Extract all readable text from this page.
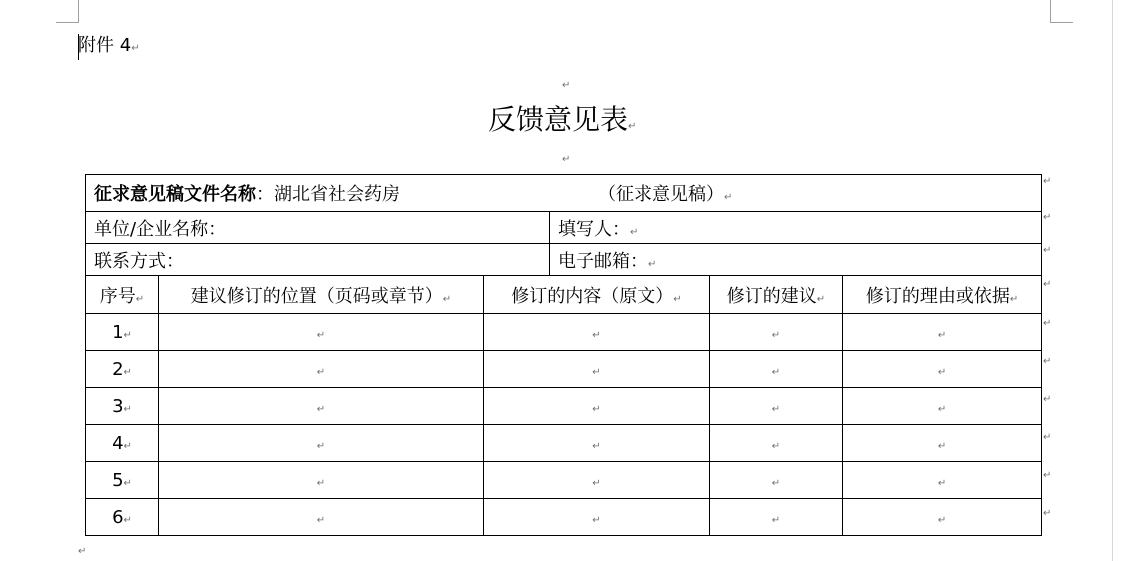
附件 4↵
↵
反馈意见表↵
↵
征求意见稿文件名称：湖北省社会药房 （征求意见稿）↵					
单位/企业名称：			填写人：↵		
联系方式：			电子邮箱：↵		
序号↵	建议修订的位置（页码或章节）↵	修订的内容（原文）↵		修订的建议↵	修订的理由或依据↵
1↵	↵	↵		↵	↵
2↵	↵	↵		↵	↵
3↵	↵	↵		↵	↵
4↵	↵	↵		↵	↵
5↵	↵	↵		↵	↵
6↵	↵	↵		↵	↵
↵
↵
↵
↵
↵
↵
↵
↵
↵
↵
↵
